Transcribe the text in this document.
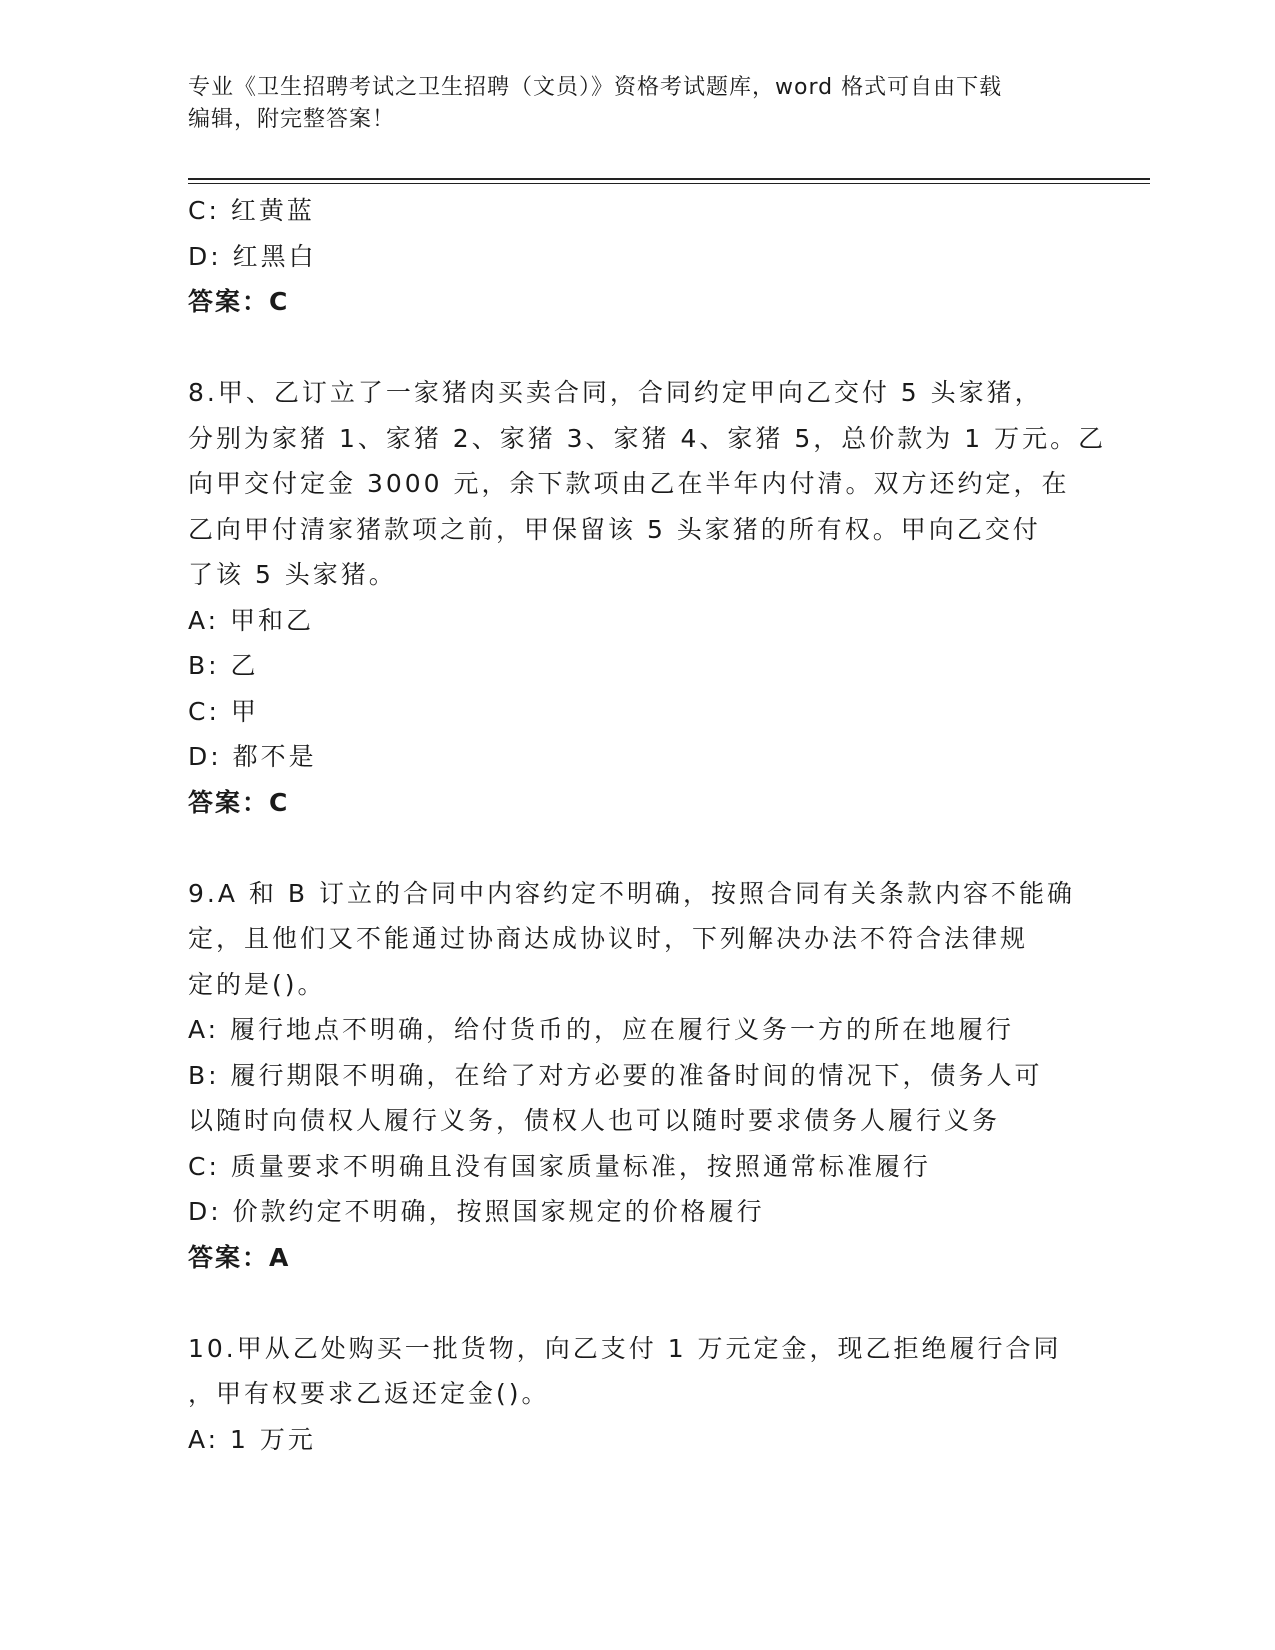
专业《卫生招聘考试之卫生招聘（文员）》资格考试题库，word 格式可自由下载
编辑，附完整答案！
C: 红黄蓝
D: 红黑白
答案：C
8.甲、乙订立了一家猪肉买卖合同，合同约定甲向乙交付 5 头家猪，
分别为家猪 1、家猪 2、家猪 3、家猪 4、家猪 5，总价款为 1 万元。乙
向甲交付定金 3000 元，余下款项由乙在半年内付清。双方还约定，在
乙向甲付清家猪款项之前，甲保留该 5 头家猪的所有权。甲向乙交付
了该 5 头家猪。
A: 甲和乙
B: 乙
C: 甲
D: 都不是
答案：C
9.A 和 B 订立的合同中内容约定不明确，按照合同有关条款内容不能确
定，且他们又不能通过协商达成协议时，下列解决办法不符合法律规
定的是()。
A: 履行地点不明确，给付货币的，应在履行义务一方的所在地履行
B: 履行期限不明确，在给了对方必要的准备时间的情况下，债务人可
以随时向债权人履行义务，债权人也可以随时要求债务人履行义务
C: 质量要求不明确且没有国家质量标准，按照通常标准履行
D: 价款约定不明确，按照国家规定的价格履行
答案：A
10.甲从乙处购买一批货物，向乙支付 1 万元定金，现乙拒绝履行合同
，甲有权要求乙返还定金()。
A: 1 万元
